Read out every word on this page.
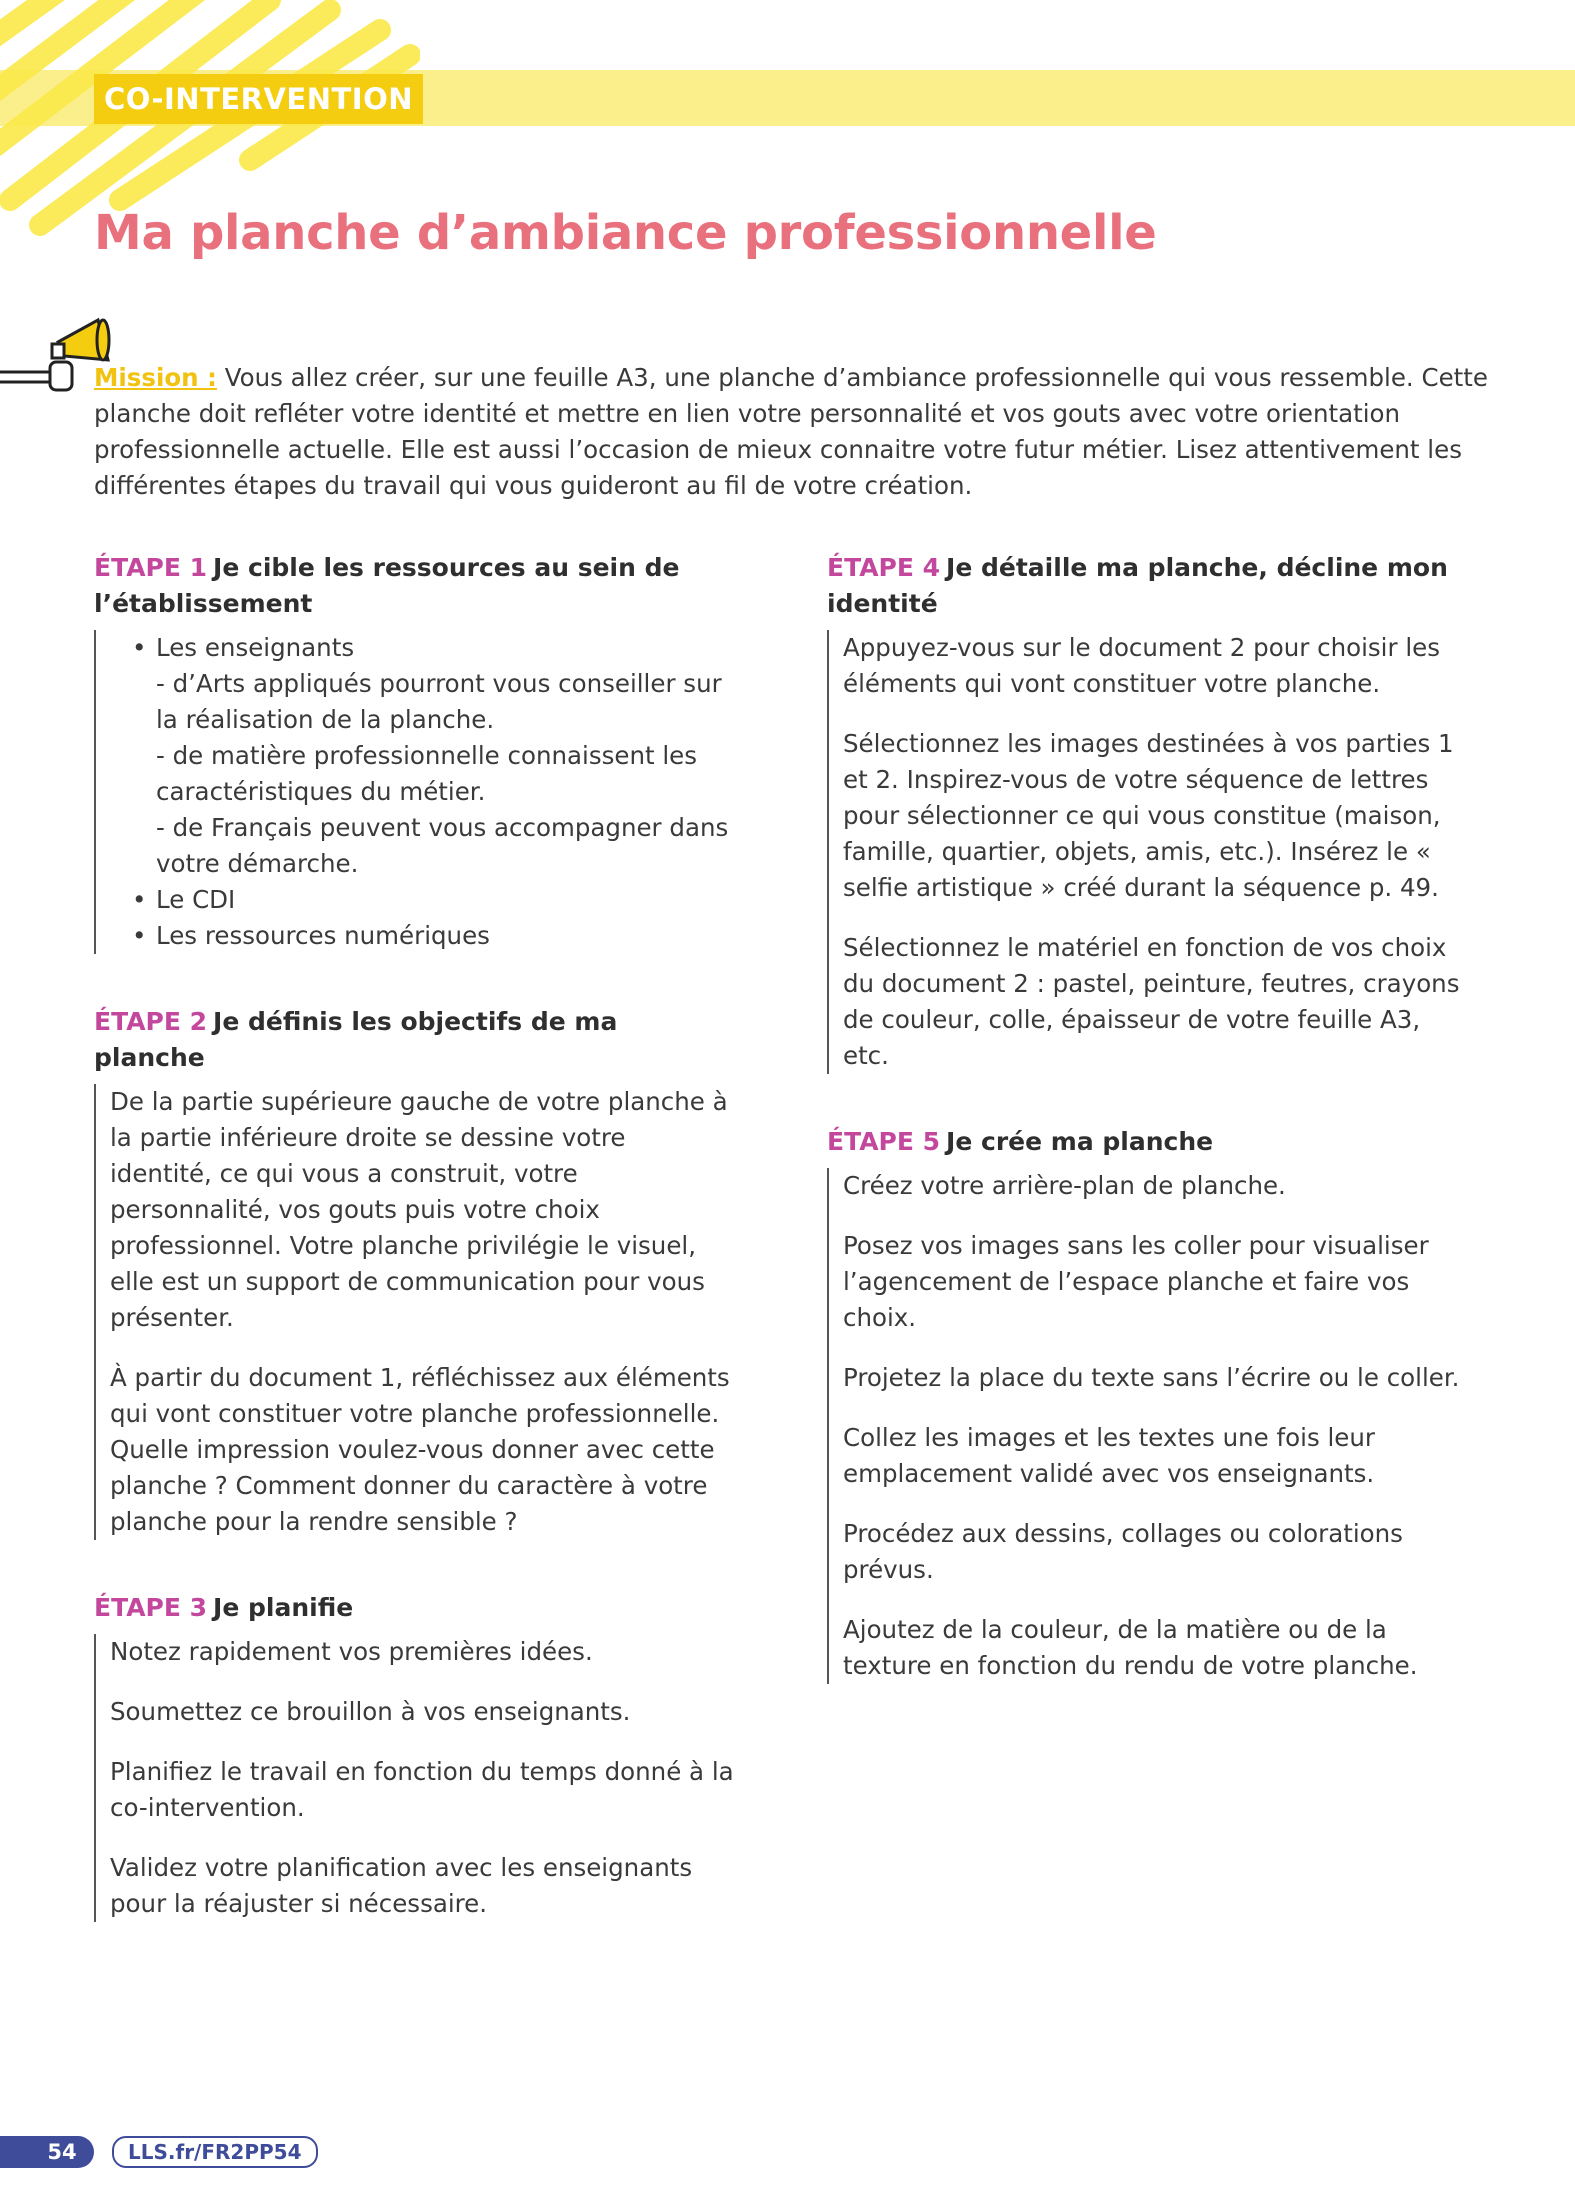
CO-INTERVENTION
Ma planche d’ambiance professionnelle

Mission : Vous allez créer, sur une feuille A3, une planche d’ambiance professionnelle qui vous ressemble. Cette planche doit refléter votre identité et mettre en lien votre personnalité et vos gouts avec votre orientation professionnelle actuelle. Elle est aussi l’occasion de mieux connaitre votre futur métier. Lisez attentivement les différentes étapes du travail qui vous guideront au fil de votre création.

ÉTAPE 1 Je cible les ressources au sein de l’établissement

• Les enseignants
- d’Arts appliqués pourront vous conseiller sur la réalisation de la planche.
- de matière professionnelle connaissent les caractéristiques du métier.
- de Français peuvent vous accompagner dans votre démarche.
• Le CDI
• Les ressources numériques

ÉTAPE 2 Je définis les objectifs de ma planche

De la partie supérieure gauche de votre planche à la partie inférieure droite se dessine votre identité, ce qui vous a construit, votre personnalité, vos gouts puis votre choix professionnel. Votre planche privilégie le visuel, elle est un support de communication pour vous présenter.

À partir du document 1, réfléchissez aux éléments qui vont constituer votre planche professionnelle. Quelle impression voulez-vous donner avec cette planche ? Comment donner du caractère à votre planche pour la rendre sensible ?

ÉTAPE 3 Je planifie

Notez rapidement vos premières idées.

Soumettez ce brouillon à vos enseignants.

Planifiez le travail en fonction du temps donné à la co-intervention.

Validez votre planification avec les enseignants pour la réajuster si nécessaire.

ÉTAPE 4 Je détaille ma planche, décline mon identité

Appuyez-vous sur le document 2 pour choisir les éléments qui vont constituer votre planche.

Sélectionnez les images destinées à vos parties 1 et 2. Inspirez-vous de votre séquence de lettres pour sélectionner ce qui vous constitue (maison, famille, quartier, objets, amis, etc.). Insérez le « selfie artistique » créé durant la séquence p. 49.

Sélectionnez le matériel en fonction de vos choix du document 2 : pastel, peinture, feutres, crayons de couleur, colle, épaisseur de votre feuille A3, etc.

ÉTAPE 5 Je crée ma planche

Créez votre arrière-plan de planche.

Posez vos images sans les coller pour visualiser l’agencement de l’espace planche et faire vos choix.

Projetez la place du texte sans l’écrire ou le coller.

Collez les images et les textes une fois leur emplacement validé avec vos enseignants.

Procédez aux dessins, collages ou colorations prévus.

Ajoutez de la couleur, de la matière ou de la texture en fonction du rendu de votre planche.

54	LLS.fr/FR2PP54
